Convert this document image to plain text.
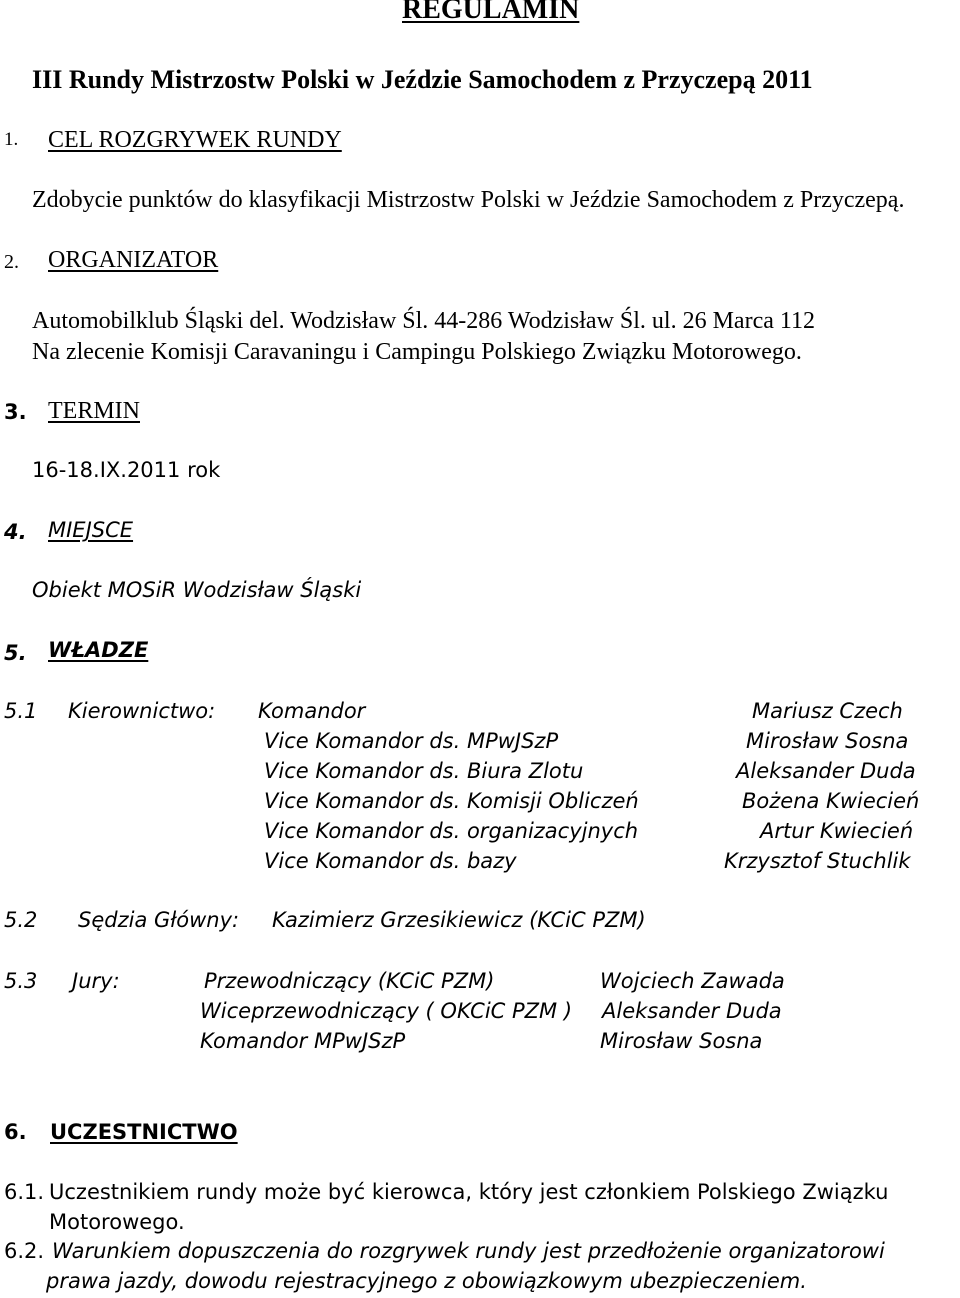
REGULAMIN
III Rundy Mistrzostw Polski w Jeździe Samochodem z Przyczepą 2011
1. CEL ROZGRYWEK RUNDY
Zdobycie punktów do klasyfikacji Mistrzostw Polski w Jeździe Samochodem z Przyczepą.
2. ORGANIZATOR
Automobilklub Śląski del. Wodzisław Śl. 44-286 Wodzisław Śl. ul. 26 Marca 112
Na zlecenie Komisji Caravaningu i Campingu Polskiego Związku Motorowego.
3. TERMIN
16-18.IX.2011 rok
4. MIEJSCE
Obiekt MOSiR Wodzisław Śląski
5. WŁADZE
5.1 Kierownictwo: Komandor	Mariusz Czech
Vice Komandor ds. MPwJSzP	Mirosław Sosna
Vice Komandor ds. Biura Zlotu	Aleksander Duda
Vice Komandor ds. Komisji Obliczeń	Bożena Kwiecień
Vice Komandor ds. organizacyjnych	Artur Kwiecień
Vice Komandor ds. bazy	Krzysztof Stuchlik
5.2 Sędzia Główny: Kazimierz Grzesikiewicz (KCiC PZM)
5.3 Jury:	Przewodniczący (KCiC PZM)	Wojciech Zawada
Wiceprzewodniczący ( OKCiC PZM ) Aleksander Duda
Komandor MPwJSzP	Mirosław Sosna
6. UCZESTNICTWO
6.1. Uczestnikiem rundy może być kierowca, który jest członkiem Polskiego Związku
Motorowego.
6.2. Warunkiem dopuszczenia do rozgrywek rundy jest przedłożenie organizatorowi
prawa jazdy, dowodu rejestracyjnego z obowiązkowym ubezpieczeniem.
